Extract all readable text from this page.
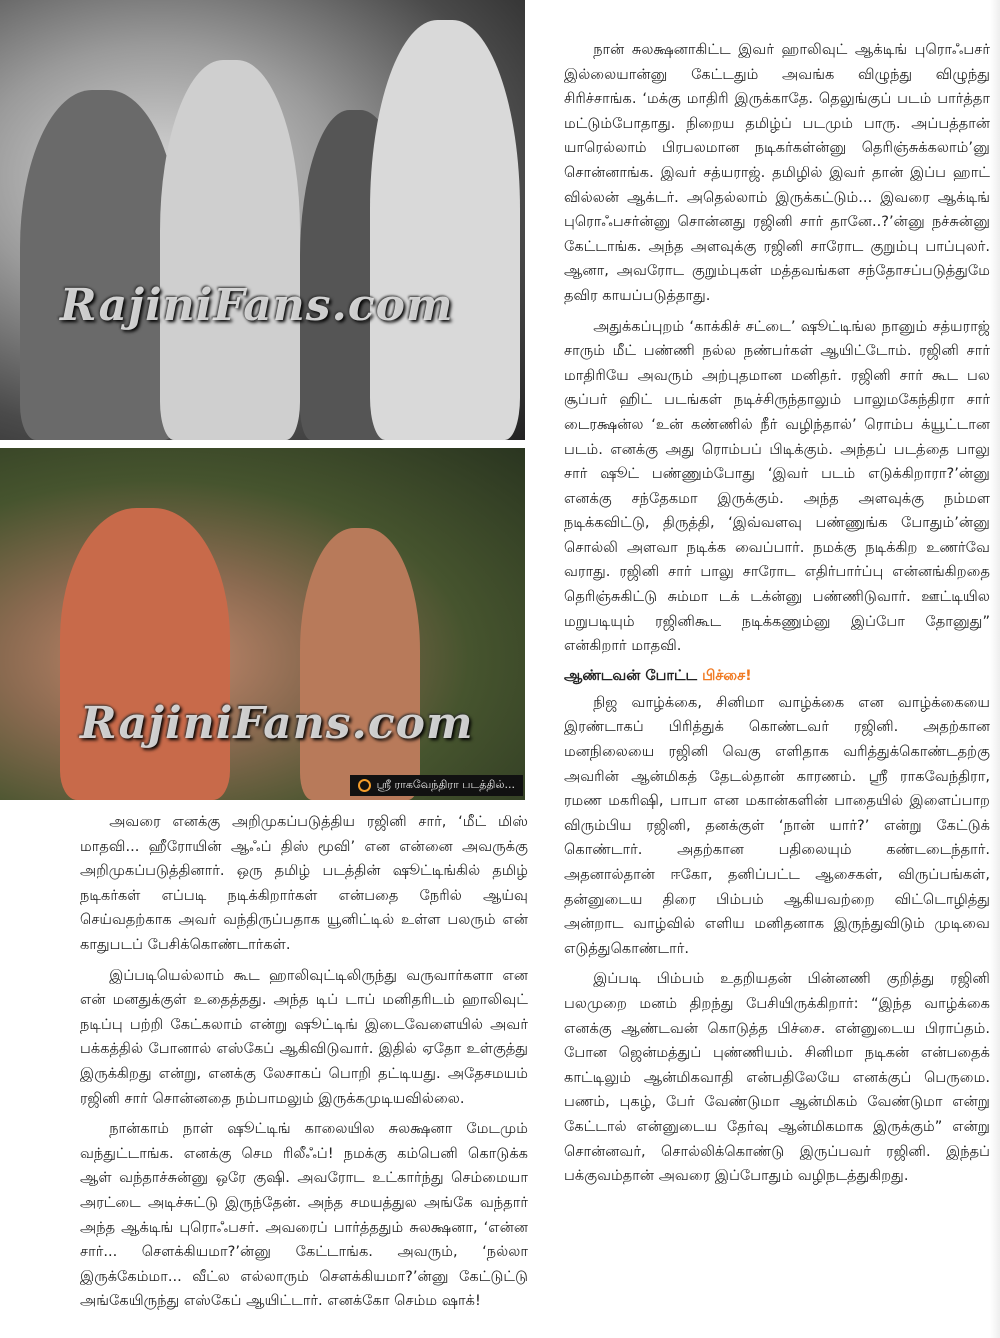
RajiniFans.com
RajiniFans.com
ஸ்ரீ ராகவேந்திரா படத்தில்...

அவரை எனக்கு அறிமுகப்படுத்திய ரஜினி சார், ‘மீட் மிஸ் மாதவி... ஹீரோயின் ஆஃப் திஸ் மூவி’ என என்னை அவருக்கு அறிமுகப்படுத்தினார். ஒரு தமிழ் படத்தின் ஷூட்டிங்கில் தமிழ் நடிகர்கள் எப்படி நடிக்கிறார்கள் என்பதை நேரில் ஆய்வு செய்வதற்காக அவர் வந்திருப்பதாக யூனிட்டில் உள்ள பலரும் என் காதுபடப் பேசிக்கொண்டார்கள்.

இப்படியெல்லாம் கூட ஹாலிவுட்டிலிருந்து வருவார்களா என என் மனதுக்குள் உதைத்தது. அந்த டிப் டாப் மனிதரிடம் ஹாலிவுட் நடிப்பு பற்றி கேட்கலாம் என்று ஷூட்டிங் இடைவேளையில் அவர் பக்கத்தில் போனால் எஸ்கேப் ஆகிவிடுவார். இதில் ஏதோ உள்குத்து இருக்கிறது என்று, எனக்கு லேசாகப் பொறி தட்டியது. அதேசமயம் ரஜினி சார் சொன்னதை நம்பாமலும் இருக்கமுடியவில்லை.

நான்காம் நாள் ஷூட்டிங் காலையில சுலக்ஷனா மேடமும் வந்துட்டாங்க. எனக்கு செம ரிலீஃப்! நமக்கு கம்பெனி கொடுக்க ஆள் வந்தாச்சுன்னு ஒரே குஷி. அவரோட உட்கார்ந்து செம்மையா அரட்டை அடிச்சுட்டு இருந்தேன். அந்த சமயத்துல அங்கே வந்தார் அந்த ஆக்டிங் புரொஃபசர். அவரைப் பார்த்ததும் சுலக்ஷனா, ‘என்ன சார்... சௌக்கியமா?’ன்னு கேட்டாங்க. அவரும், ‘நல்லா இருக்கேம்மா... வீட்ல எல்லாரும் சௌக்கியமா?’ன்னு கேட்டுட்டு அங்கேயிருந்து எஸ்கேப் ஆயிட்டார். எனக்கோ செம்ம ஷாக்!

நான் சுலக்ஷனாகிட்ட இவர் ஹாலிவுட் ஆக்டிங் புரொஃபசர் இல்லையான்னு கேட்டதும் அவங்க விழுந்து விழுந்து சிரிச்சாங்க. ‘மக்கு மாதிரி இருக்காதே. தெலுங்குப் படம் பார்த்தா மட்டும்போதாது. நிறைய தமிழ்ப் படமும் பாரு. அப்பத்தான் யாரெல்லாம் பிரபலமான நடிகர்கள்ன்னு தெரிஞ்சுக்கலாம்’னு சொன்னாங்க. இவர் சத்யராஜ். தமிழில் இவர் தான் இப்ப ஹாட் வில்லன் ஆக்டர். அதெல்லாம் இருக்கட்டும்... இவரை ஆக்டிங் புரொஃபசர்ன்னு சொன்னது ரஜினி சார் தானே..?’ன்னு நச்சுன்னு கேட்டாங்க. அந்த அளவுக்கு ரஜினி சாரோட குறும்பு பாப்புலர். ஆனா, அவரோட குறும்புகள் மத்தவங்கள சந்தோசப்படுத்துமே தவிர காயப்படுத்தாது.

அதுக்கப்புறம் ‘காக்கிச் சட்டை’ ஷூட்டிங்ல நானும் சத்யராஜ் சாரும் மீட் பண்ணி நல்ல நண்பர்கள் ஆயிட்டோம். ரஜினி சார் மாதிரியே அவரும் அற்புதமான மனிதர். ரஜினி சார் கூட பல சூப்பர் ஹிட் படங்கள் நடிச்சிருந்தாலும் பாலுமகேந்திரா சார் டைரக்ஷன்ல ‘உன் கண்ணில் நீர் வழிந்தால்’ ரொம்ப க்யூட்டான படம். எனக்கு அது ரொம்பப் பிடிக்கும். அந்தப் படத்தை பாலு சார் ஷூட் பண்ணும்போது ‘இவர் படம் எடுக்கிறாரா?’ன்னு எனக்கு சந்தேகமா இருக்கும். அந்த அளவுக்கு நம்மள நடிக்கவிட்டு, திருத்தி, ‘இவ்வளவு பண்ணுங்க போதும்’ன்னு சொல்லி அளவா நடிக்க வைப்பார். நமக்கு நடிக்கிற உணர்வே வராது. ரஜினி சார் பாலு சாரோட எதிர்பார்ப்பு என்னங்கிறதை தெரிஞ்சுகிட்டு சும்மா டக் டக்ன்னு பண்ணிடுவார். ஊட்டியில மறுபடியும் ரஜினிகூட நடிக்கணும்னு இப்போ தோனுது” என்கிறார் மாதவி.

ஆண்டவன் போட்ட பிச்சை!

நிஜ வாழ்க்கை, சினிமா வாழ்க்கை என வாழ்க்கையை இரண்டாகப் பிரித்துக் கொண்டவர் ரஜினி. அதற்கான மனநிலையை ரஜினி வெகு எளிதாக வரித்துக்கொண்டதற்கு அவரின் ஆன்மிகத் தேடல்தான் காரணம். ஸ்ரீ ராகவேந்திரா, ரமண மகரிஷி, பாபா என மகான்களின் பாதையில் இளைப்பாற விரும்பிய ரஜினி, தனக்குள் ‘நான் யார்?’ என்று கேட்டுக் கொண்டார். அதற்கான பதிலையும் கண்டடைந்தார். அதனால்தான் ஈகோ, தனிப்பட்ட ஆசைகள், விருப்பங்கள், தன்னுடைய திரை பிம்பம் ஆகியவற்றை விட்டொழித்து அன்றாட வாழ்வில் எளிய மனிதனாக இருந்துவிடும் முடிவை எடுத்துகொண்டார்.

இப்படி பிம்பம் உதறியதன் பின்னணி குறித்து ரஜினி பலமுறை மனம் திறந்து பேசியிருக்கிறார்: “இந்த வாழ்க்கை எனக்கு ஆண்டவன் கொடுத்த பிச்சை. என்னுடைய பிராப்தம். போன ஜென்மத்துப் புண்ணியம். சினிமா நடிகன் என்பதைக் காட்டிலும் ஆன்மிகவாதி என்பதிலேயே எனக்குப் பெருமை. பணம், புகழ், பேர் வேண்டுமா ஆன்மிகம் வேண்டுமா என்று கேட்டால் என்னுடைய தேர்வு ஆன்மிகமாக இருக்கும்” என்று சொன்னவர், சொல்லிக்கொண்டு இருப்பவர் ரஜினி. இந்தப் பக்குவம்தான் அவரை இப்போதும் வழிநடத்துகிறது.
